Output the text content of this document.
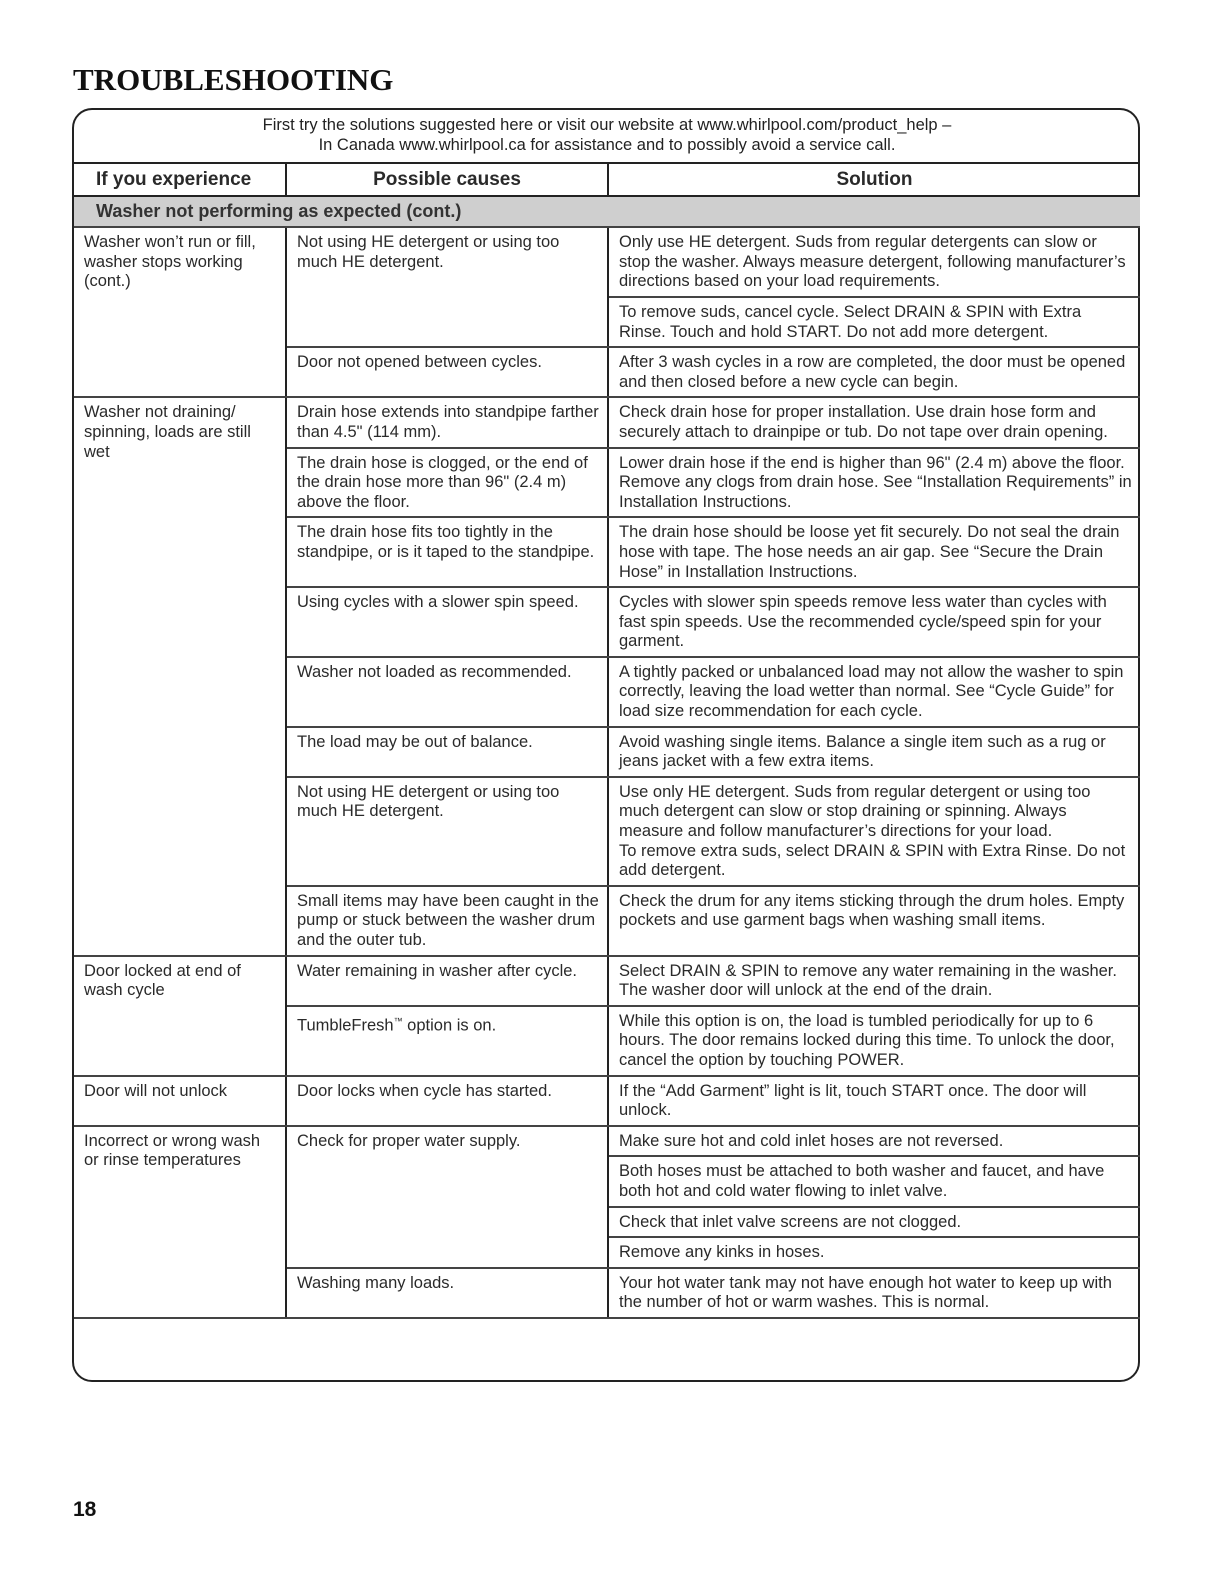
TROUBLESHOOTING
First try the solutions suggested here or visit our website at www.whirlpool.com/product_help –
In Canada www.whirlpool.ca for assistance and to possibly avoid a service call.
If you experience	Possible causes	Solution
Washer not performing as expected (cont.)		
Washer won’t run or fill, washer stops working (cont.)	Not using HE detergent or using too much HE detergent.	Only use HE detergent. Suds from regular detergents can slow or stop the washer. Always measure detergent, following manufacturer’s directions based on your load requirements.
		To remove suds, cancel cycle. Select DRAIN & SPIN with Extra Rinse. Touch and hold START. Do not add more detergent.
	Door not opened between cycles.	After 3 wash cycles in a row are completed, the door must be opened and then closed before a new cycle can begin.
Washer not draining/ spinning, loads are still wet	Drain hose extends into standpipe farther than 4.5" (114 mm).	Check drain hose for proper installation. Use drain hose form and securely attach to drainpipe or tub. Do not tape over drain opening.
	The drain hose is clogged, or the end of the drain hose more than 96" (2.4 m) above the floor.	Lower drain hose if the end is higher than 96" (2.4 m) above the floor. Remove any clogs from drain hose. See “Installation Requirements” in Installation Instructions.
	The drain hose fits too tightly in the standpipe, or is it taped to the standpipe.	The drain hose should be loose yet fit securely. Do not seal the drain hose with tape. The hose needs an air gap. See “Secure the Drain Hose” in Installation Instructions.
	Using cycles with a slower spin speed.	Cycles with slower spin speeds remove less water than cycles with fast spin speeds. Use the recommended cycle/speed spin for your garment.
	Washer not loaded as recommended.	A tightly packed or unbalanced load may not allow the washer to spin correctly, leaving the load wetter than normal. See “Cycle Guide” for load size recommendation for each cycle.
	The load may be out of balance.	Avoid washing single items. Balance a single item such as a rug or jeans jacket with a few extra items.
	Not using HE detergent or using too much HE detergent.	Use only HE detergent. Suds from regular detergent or using too much detergent can slow or stop draining or spinning. Always measure and follow manufacturer’s directions for your load.
To remove extra suds, select DRAIN & SPIN with Extra Rinse. Do not add detergent.

	Small items may have been caught in the pump or stuck between the washer drum and the outer tub.	Check the drum for any items sticking through the drum holes. Empty pockets and use garment bags when washing small items.
Door locked at end of wash cycle	Water remaining in washer after cycle.	Select DRAIN & SPIN to remove any water remaining in the washer. The washer door will unlock at the end of the drain.
	TumbleFresh™ option is on.	While this option is on, the load is tumbled periodically for up to 6 hours. The door remains locked during this time. To unlock the door, cancel the option by touching POWER.
Door will not unlock	Door locks when cycle has started.	If the “Add Garment” light is lit, touch START once. The door will unlock.
Incorrect or wrong wash or rinse temperatures	Check for proper water supply.	Make sure hot and cold inlet hoses are not reversed.
		Both hoses must be attached to both washer and faucet, and have both hot and cold water flowing to inlet valve.
		Check that inlet valve screens are not clogged.
		Remove any kinks in hoses.
	Washing many loads.	Your hot water tank may not have enough hot water to keep up with the number of hot or warm washes. This is normal.
18
